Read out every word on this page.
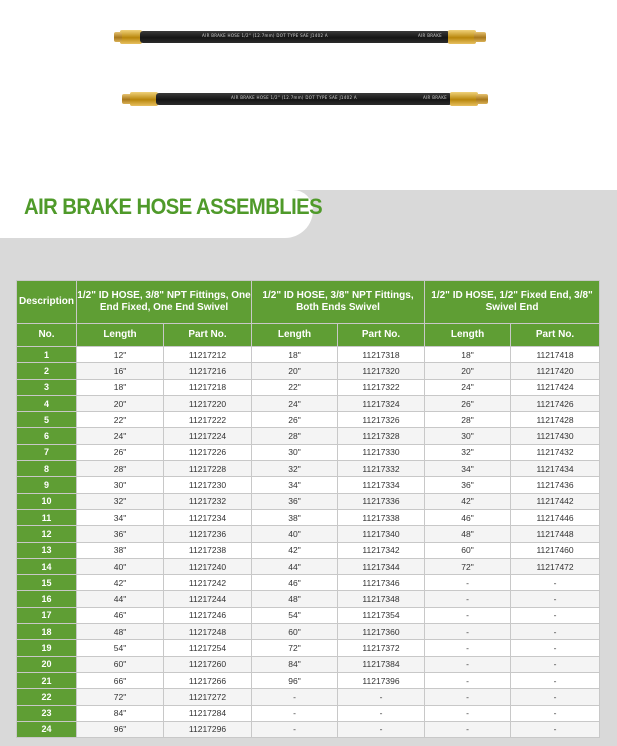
AIR BRAKE HOSE 1/2" (12.7mm) DOT TYPE SAE J1402 A	AIR BRAKE
AIR BRAKE HOSE 1/2" (12.7mm) DOT TYPE SAE J1402 A	AIR BRAKE
AIR BRAKE HOSE ASSEMBLIES
Description	1/2" ID HOSE, 3/8" NPT Fittings, One End Fixed, One End Swivel		1/2" ID HOSE, 3/8" NPT Fittings, Both Ends Swivel		1/2" ID HOSE, 1/2" Fixed End, 3/8" Swivel End	
No.	Length	Part No.	Length	Part No.	Length	Part No.
1	12"	11217212	18"	11217318	18"	11217418
2	16"	11217216	20"	11217320	20"	11217420
3	18"	11217218	22"	11217322	24"	11217424
4	20"	11217220	24"	11217324	26"	11217426
5	22"	11217222	26"	11217326	28"	11217428
6	24"	11217224	28"	11217328	30"	11217430
7	26"	11217226	30"	11217330	32"	11217432
8	28"	11217228	32"	11217332	34"	11217434
9	30"	11217230	34"	11217334	36"	11217436
10	32"	11217232	36"	11217336	42"	11217442
11	34"	11217234	38"	11217338	46"	11217446
12	36"	11217236	40"	11217340	48"	11217448
13	38"	11217238	42"	11217342	60"	11217460
14	40"	11217240	44"	11217344	72"	11217472
15	42"	11217242	46"	11217346	-	-
16	44"	11217244	48"	11217348	-	-
17	46"	11217246	54"	11217354	-	-
18	48"	11217248	60"	11217360	-	-
19	54"	11217254	72"	11217372	-	-
20	60"	11217260	84"	11217384	-	-
21	66"	11217266	96"	11217396	-	-
22	72"	11217272	-	-	-	-
23	84"	11217284	-	-	-	-
24	96"	11217296	-	-	-	-
